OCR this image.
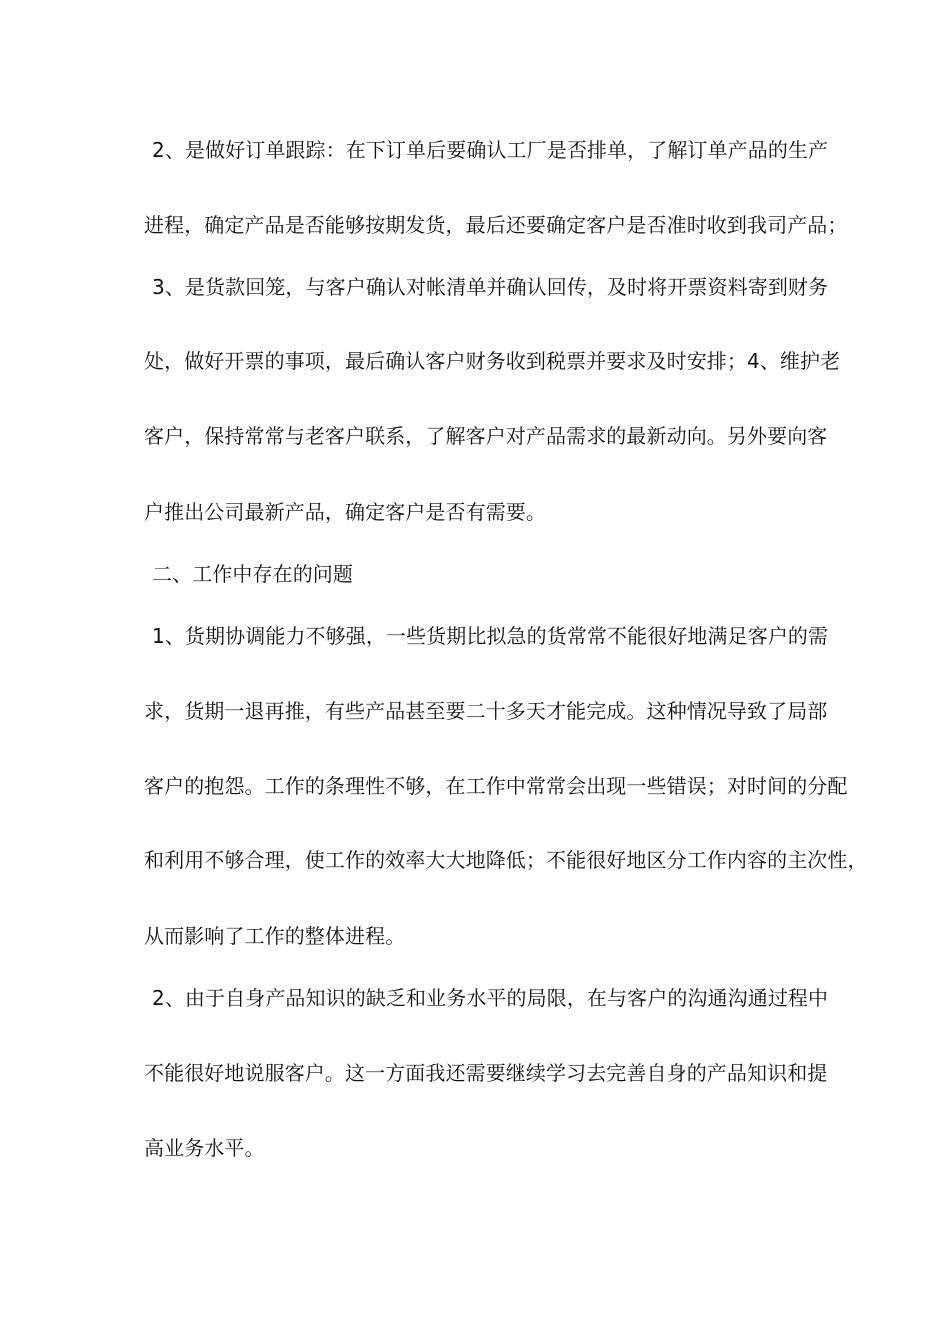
2、是做好订单跟踪：在下订单后要确认工厂是否排单，了解订单产品的生产
进程，确定产品是否能够按期发货，最后还要确定客户是否准时收到我司产品；
3、是货款回笼，与客户确认对帐清单并确认回传，及时将开票资料寄到财务
处，做好开票的事项，最后确认客户财务收到税票并要求及时安排；4、维护老
客户，保持常常与老客户联系，了解客户对产品需求的最新动向。另外要向客
户推出公司最新产品，确定客户是否有需要。
二、工作中存在的问题
1、货期协调能力不够强，一些货期比拟急的货常常不能很好地满足客户的需
求，货期一退再推，有些产品甚至要二十多天才能完成。这种情况导致了局部
客户的抱怨。工作的条理性不够，在工作中常常会出现一些错误；对时间的分配
和利用不够合理，使工作的效率大大地降低；不能很好地区分工作内容的主次性，
从而影响了工作的整体进程。
2、由于自身产品知识的缺乏和业务水平的局限，在与客户的沟通沟通过程中
不能很好地说服客户。这一方面我还需要继续学习去完善自身的产品知识和提
高业务水平。
